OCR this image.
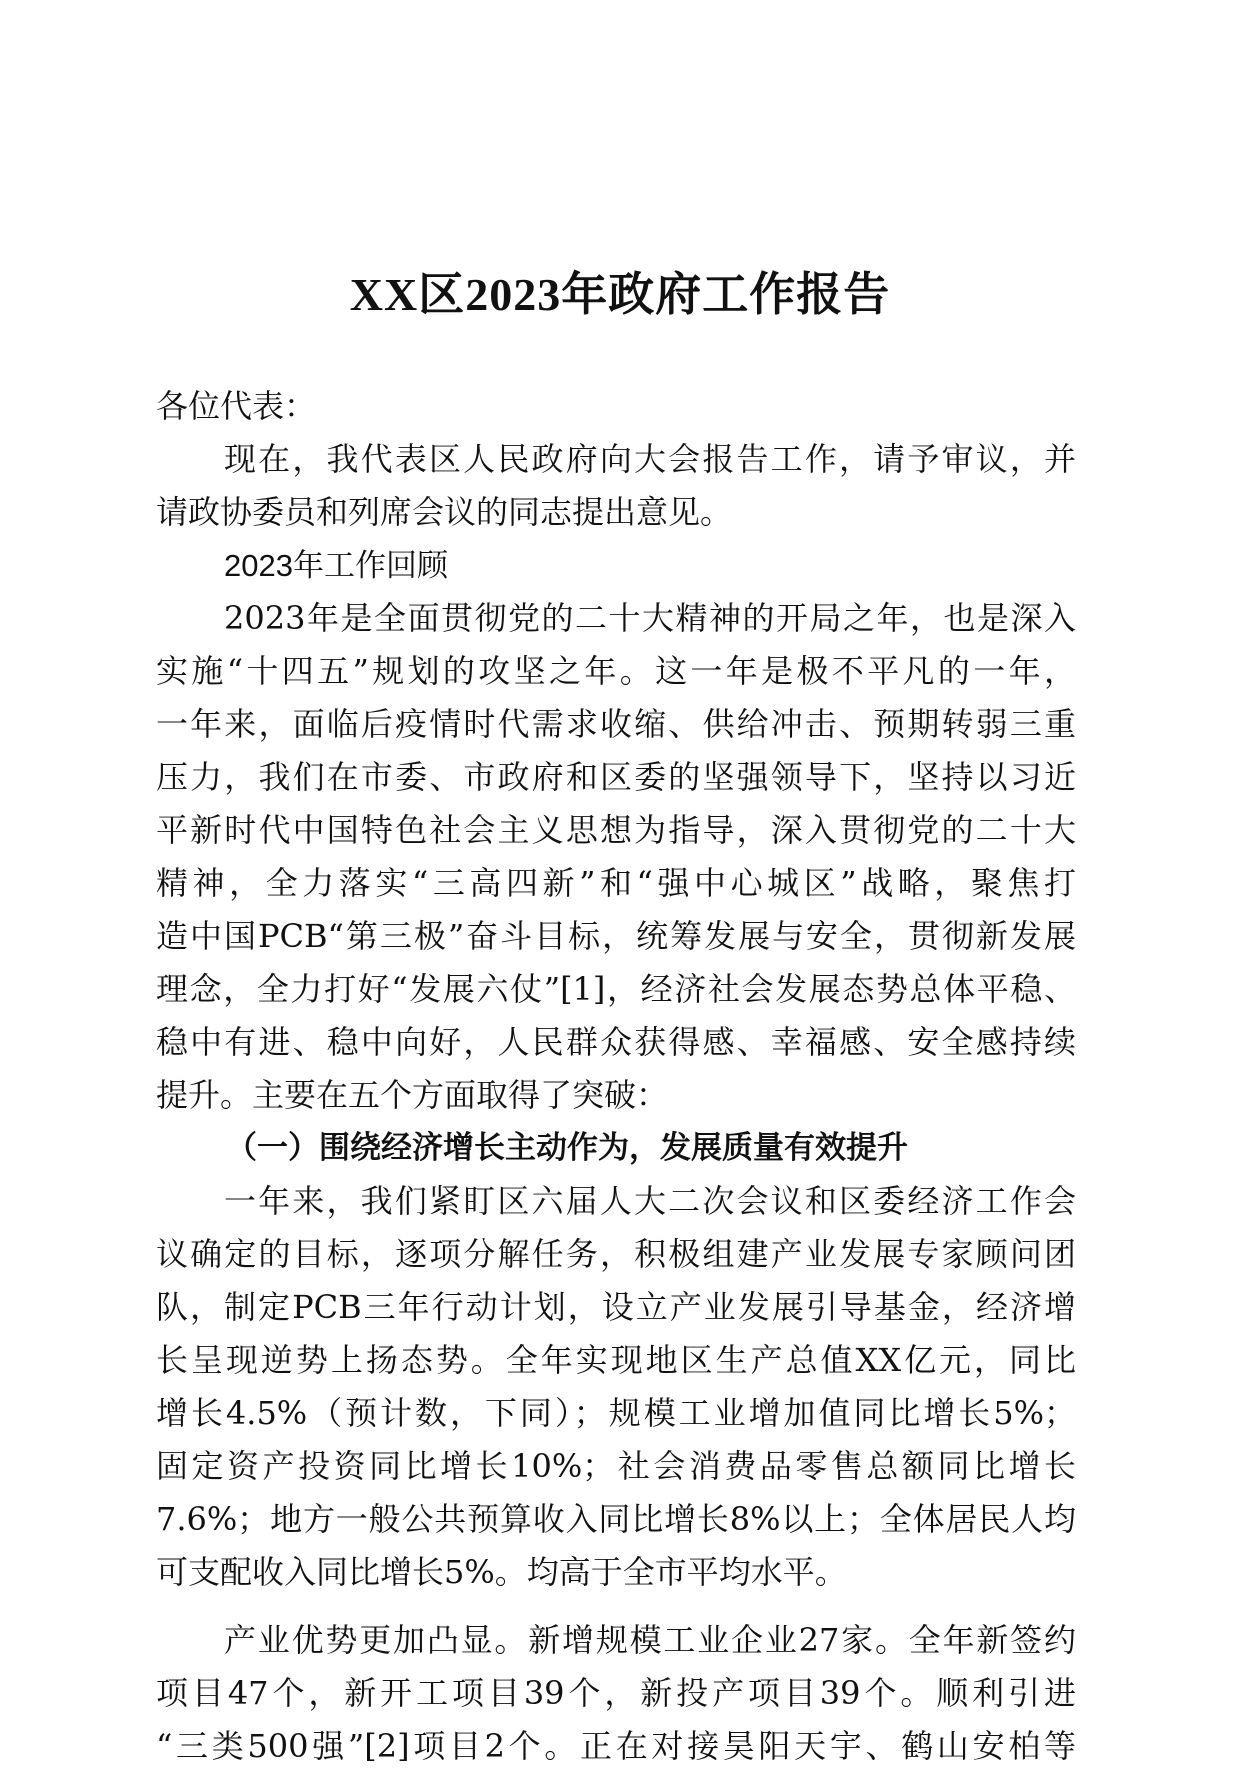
XX区2023年政府工作报告
各位代表：
现在，我代表区人民政府向大会报告工作，请予审议，并
请政协委员和列席会议的同志提出意见。
2023年工作回顾
2023年是全面贯彻党的二十大精神的开局之年，也是深入
实施“十四五”规划的攻坚之年。这一年是极不平凡的一年，
一年来，面临后疫情时代需求收缩、供给冲击、预期转弱三重
压力，我们在市委、市政府和区委的坚强领导下，坚持以习近
平新时代中国特色社会主义思想为指导，深入贯彻党的二十大
精神，全力落实“三高四新”和“强中心城区”战略，聚焦打
造中国PCB“第三极”奋斗目标，统筹发展与安全，贯彻新发展
理念，全力打好“发展六仗”[1]，经济社会发展态势总体平稳、
稳中有进、稳中向好，人民群众获得感、幸福感、安全感持续
提升。主要在五个方面取得了突破：
（一）围绕经济增长主动作为，发展质量有效提升
一年来，我们紧盯区六届人大二次会议和区委经济工作会
议确定的目标，逐项分解任务，积极组建产业发展专家顾问团
队，制定PCB三年行动计划，设立产业发展引导基金，经济增
长呈现逆势上扬态势。全年实现地区生产总值XX亿元，同比
增长4.5%（预计数，下同）；规模工业增加值同比增长5%；
固定资产投资同比增长10%；社会消费品零售总额同比增长
7.6%；地方一般公共预算收入同比增长8%以上；全体居民人均
可支配收入同比增长5%。均高于全市平均水平。
产业优势更加凸显。新增规模工业企业27家。全年新签约
项目47个，新开工项目39个，新投产项目39个。顺利引进
“三类500强”[2]项目2个。正在对接昊阳天宇、鹤山安柏等
